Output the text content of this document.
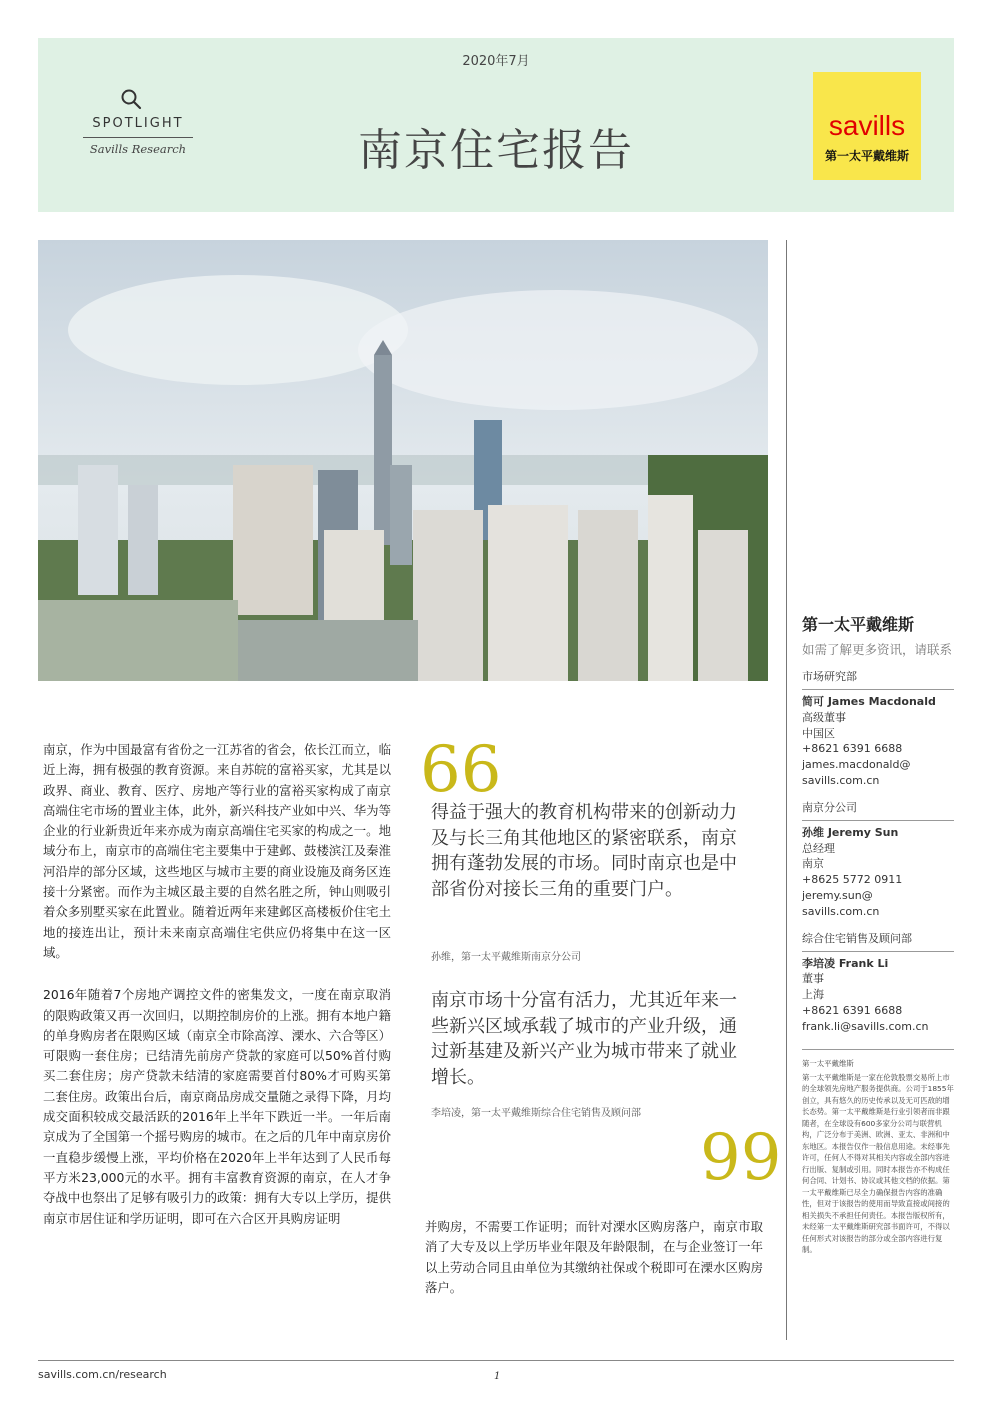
2020年7月
SPOTLIGHT
Savills Research	南京住宅报告	savills
第一太平戴维斯
第一太平戴维斯
如需了解更多资讯，请联系
市场研究部
简可 James Macdonald
高级董事
中国区
+8621 6391 6688
james.macdonald@
savills.com.cn
南京分公司
孙维 Jeremy Sun
总经理
南京
+8625 5772 0911
jeremy.sun@
savills.com.cn
综合住宅销售及顾问部
李培凌 Frank Li
董事
上海
+8621 6391 6688
frank.li@savills.com.cn
第一太平戴维斯
第一太平戴维斯是一家在伦敦股票交易所上市的全球领先房地产服务提供商。公司于1855年创立，具有悠久的历史传承以及无可匹敌的增长态势。第一太平戴维斯是行业引领者而非跟随者，在全球设有600多家分公司与联营机构，广泛分布于美洲、欧洲、亚太、非洲和中东地区。本报告仅作一般信息用途。未经事先许可，任何人不得对其相关内容或全部内容进行出版、复制或引用。同时本报告亦不构成任何合同、计划书、协议或其他文档的依据。第一太平戴维斯已尽全力确保报告内容的准确性，但对于该报告的使用而导致直接或间接的相关损失不承担任何责任。本报告版权所有，未经第一太平戴维斯研究部书面许可，不得以任何形式对该报告的部分或全部内容进行复制。

南京，作为中国最富有省份之一江苏省的省会，依长江而立，临近上海，拥有极强的教育资源。来自苏皖的富裕买家，尤其是以政界、商业、教育、医疗、房地产等行业的富裕买家构成了南京高端住宅市场的置业主体，此外，新兴科技产业如中兴、华为等企业的行业新贵近年来亦成为南京高端住宅买家的构成之一。地域分布上，南京市的高端住宅主要集中于建邺、鼓楼滨江及秦淮河沿岸的部分区域，这些地区与城市主要的商业设施及商务区连接十分紧密。而作为主城区最主要的自然名胜之所，钟山则吸引着众多别墅买家在此置业。随着近两年来建邺区高楼板价住宅土地的接连出让，预计未来南京高端住宅供应仍将集中在这一区域。

2016年随着7个房地产调控文件的密集发文，一度在南京取消的限购政策又再一次回归，以期控制房价的上涨。拥有本地户籍的单身购房者在限购区域（南京全市除高淳、溧水、六合等区）可限购一套住房；已结清先前房产贷款的家庭可以50%首付购买二套住房；房产贷款未结清的家庭需要首付80%才可购买第二套住房。政策出台后，南京商品房成交量随之录得下降，月均成交面积较成交最活跃的2016年上半年下跌近一半。一年后南京成为了全国第一个摇号购房的城市。在之后的几年中南京房价一直稳步缓慢上涨，平均价格在2020年上半年达到了人民币每平方米23,000元的水平。拥有丰富教育资源的南京，在人才争夺战中也祭出了足够有吸引力的政策：拥有大专以上学历，提供南京市居住证和学历证明，即可在六合区开具购房证明

66
得益于强大的教育机构带来的创新动力及与长三角其他地区的紧密联系，南京拥有蓬勃发展的市场。同时南京也是中部省份对接长三角的重要门户。
孙维，第一太平戴维斯南京分公司
南京市场十分富有活力，尤其近年来一些新兴区域承载了城市的产业升级，通过新基建及新兴产业为城市带来了就业增长。
李培凌，第一太平戴维斯综合住宅销售及顾问部
99
并购房，不需要工作证明；而针对溧水区购房落户，南京市取消了大专及以上学历毕业年限及年龄限制，在与企业签订一年以上劳动合同且由单位为其缴纳社保或个税即可在溧水区购房落户。
savills.com.cn/research	1
